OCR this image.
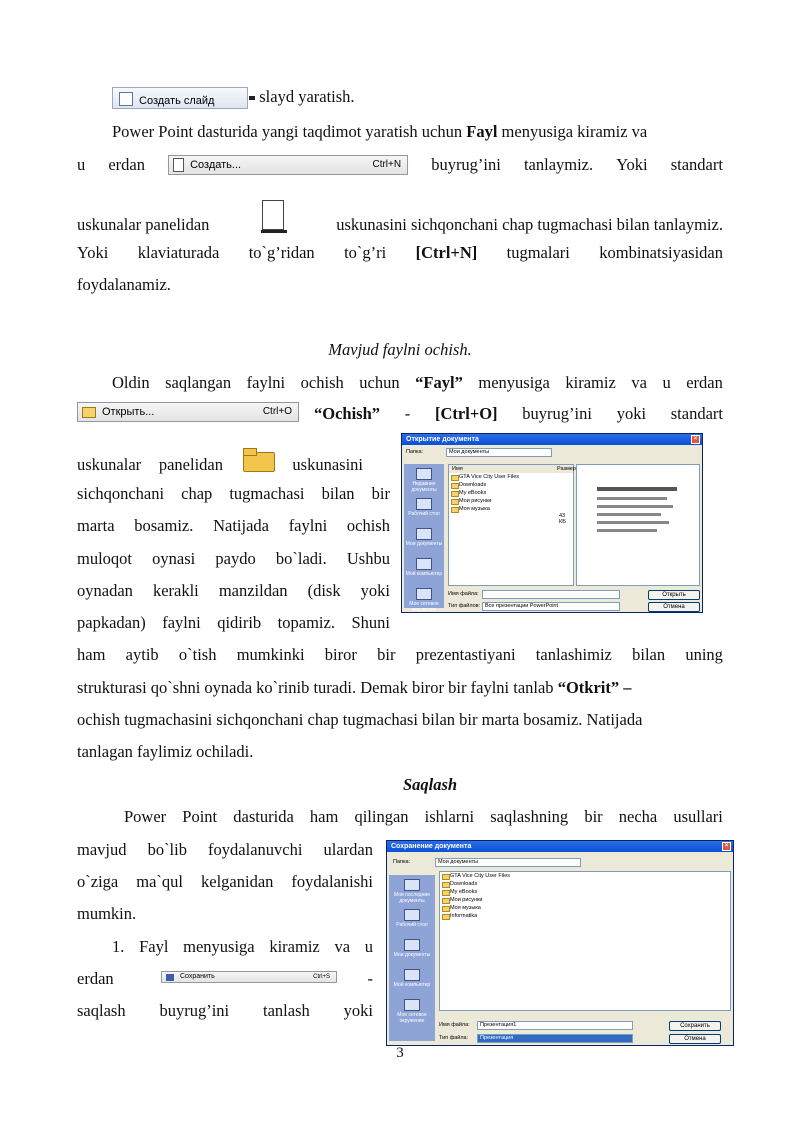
Создать слайд	slayd yaratish.
Power Point dasturida yangi taqdimot yaratish uchun Fayl menyusiga kiramiz va
u erdan	Создать...	Ctrl+N buyrug’ini tanlaymiz. Yoki standart
uskunalar panelidan	uskunasini sichqonchani chap tugmachasi bilan tanlaymiz.
Yoki klaviaturada to`g’ridan to`g’ri [Ctrl+N] tugmalari kombinatsiyasidan
foydalanamiz.
Mavjud faylni ochish.
Oldin saqlangan faylni ochish uchun “Fayl” menyusiga kiramiz va u erdan
Открыть...	Ctrl+O “Ochish” - [Ctrl+O] buyrug’ini yoki standart
uskunalar panelidan	uskunasini
sichqonchani chap tugmachasi bilan bir
marta bosamiz. Natijada faylni ochish
muloqot oynasi paydo bo`ladi. Ushbu
oynadan kerakli manzildan (disk yoki
papkadan) faylni qidirib topamiz. Shuni
ham aytib o`tish mumkinki biror bir prezentastiyani tanlashimiz bilan uning
strukturasi qo`shni oynada ko`rinib turadi. Demak biror bir faylni tanlab “Otkrit” –
ochish tugmachasini sichqonchani chap tugmachasi bilan bir marta bosamiz. Natijada
tanlagan faylimiz ochiladi.
Открытие документа	×
Папка:	Мои документы
Недавние документы
Рабочий стол
Мои документы
Мой компьютер
Мое сетевое окружение
Имя	Размер
GTA Vice City User Files
Downloads
My eBooks
Мои рисунки
Моя музыка
43 КБ
Имя файла:
Тип файлов: Все презентации PowerPoint
Открыть
Отмена
Saqlash
Power Point dasturida ham qilingan ishlarni saqlashning bir necha usullari
mavjud bo`lib foydalanuvchi ulardan
o`ziga ma`qul kelganidan foydalanishi
mumkin.
1. Fayl menyusiga kiramiz va u
erdan	Сохранить	Ctrl+S -
saqlash buyrug’ini tanlash yoki
Сохранение документа	×
Папка:	Мои документы
Мои последние документы
Рабочий стол
Мои документы
Мой компьютер
Мое сетевое окружение
GTA Vice City User Files
Downloads
My eBooks
Мои рисунки
Моя музыка
Informatika
Имя файла:	Презентация1
Тип файла:	Презентация
Сохранить
Отмена
3
